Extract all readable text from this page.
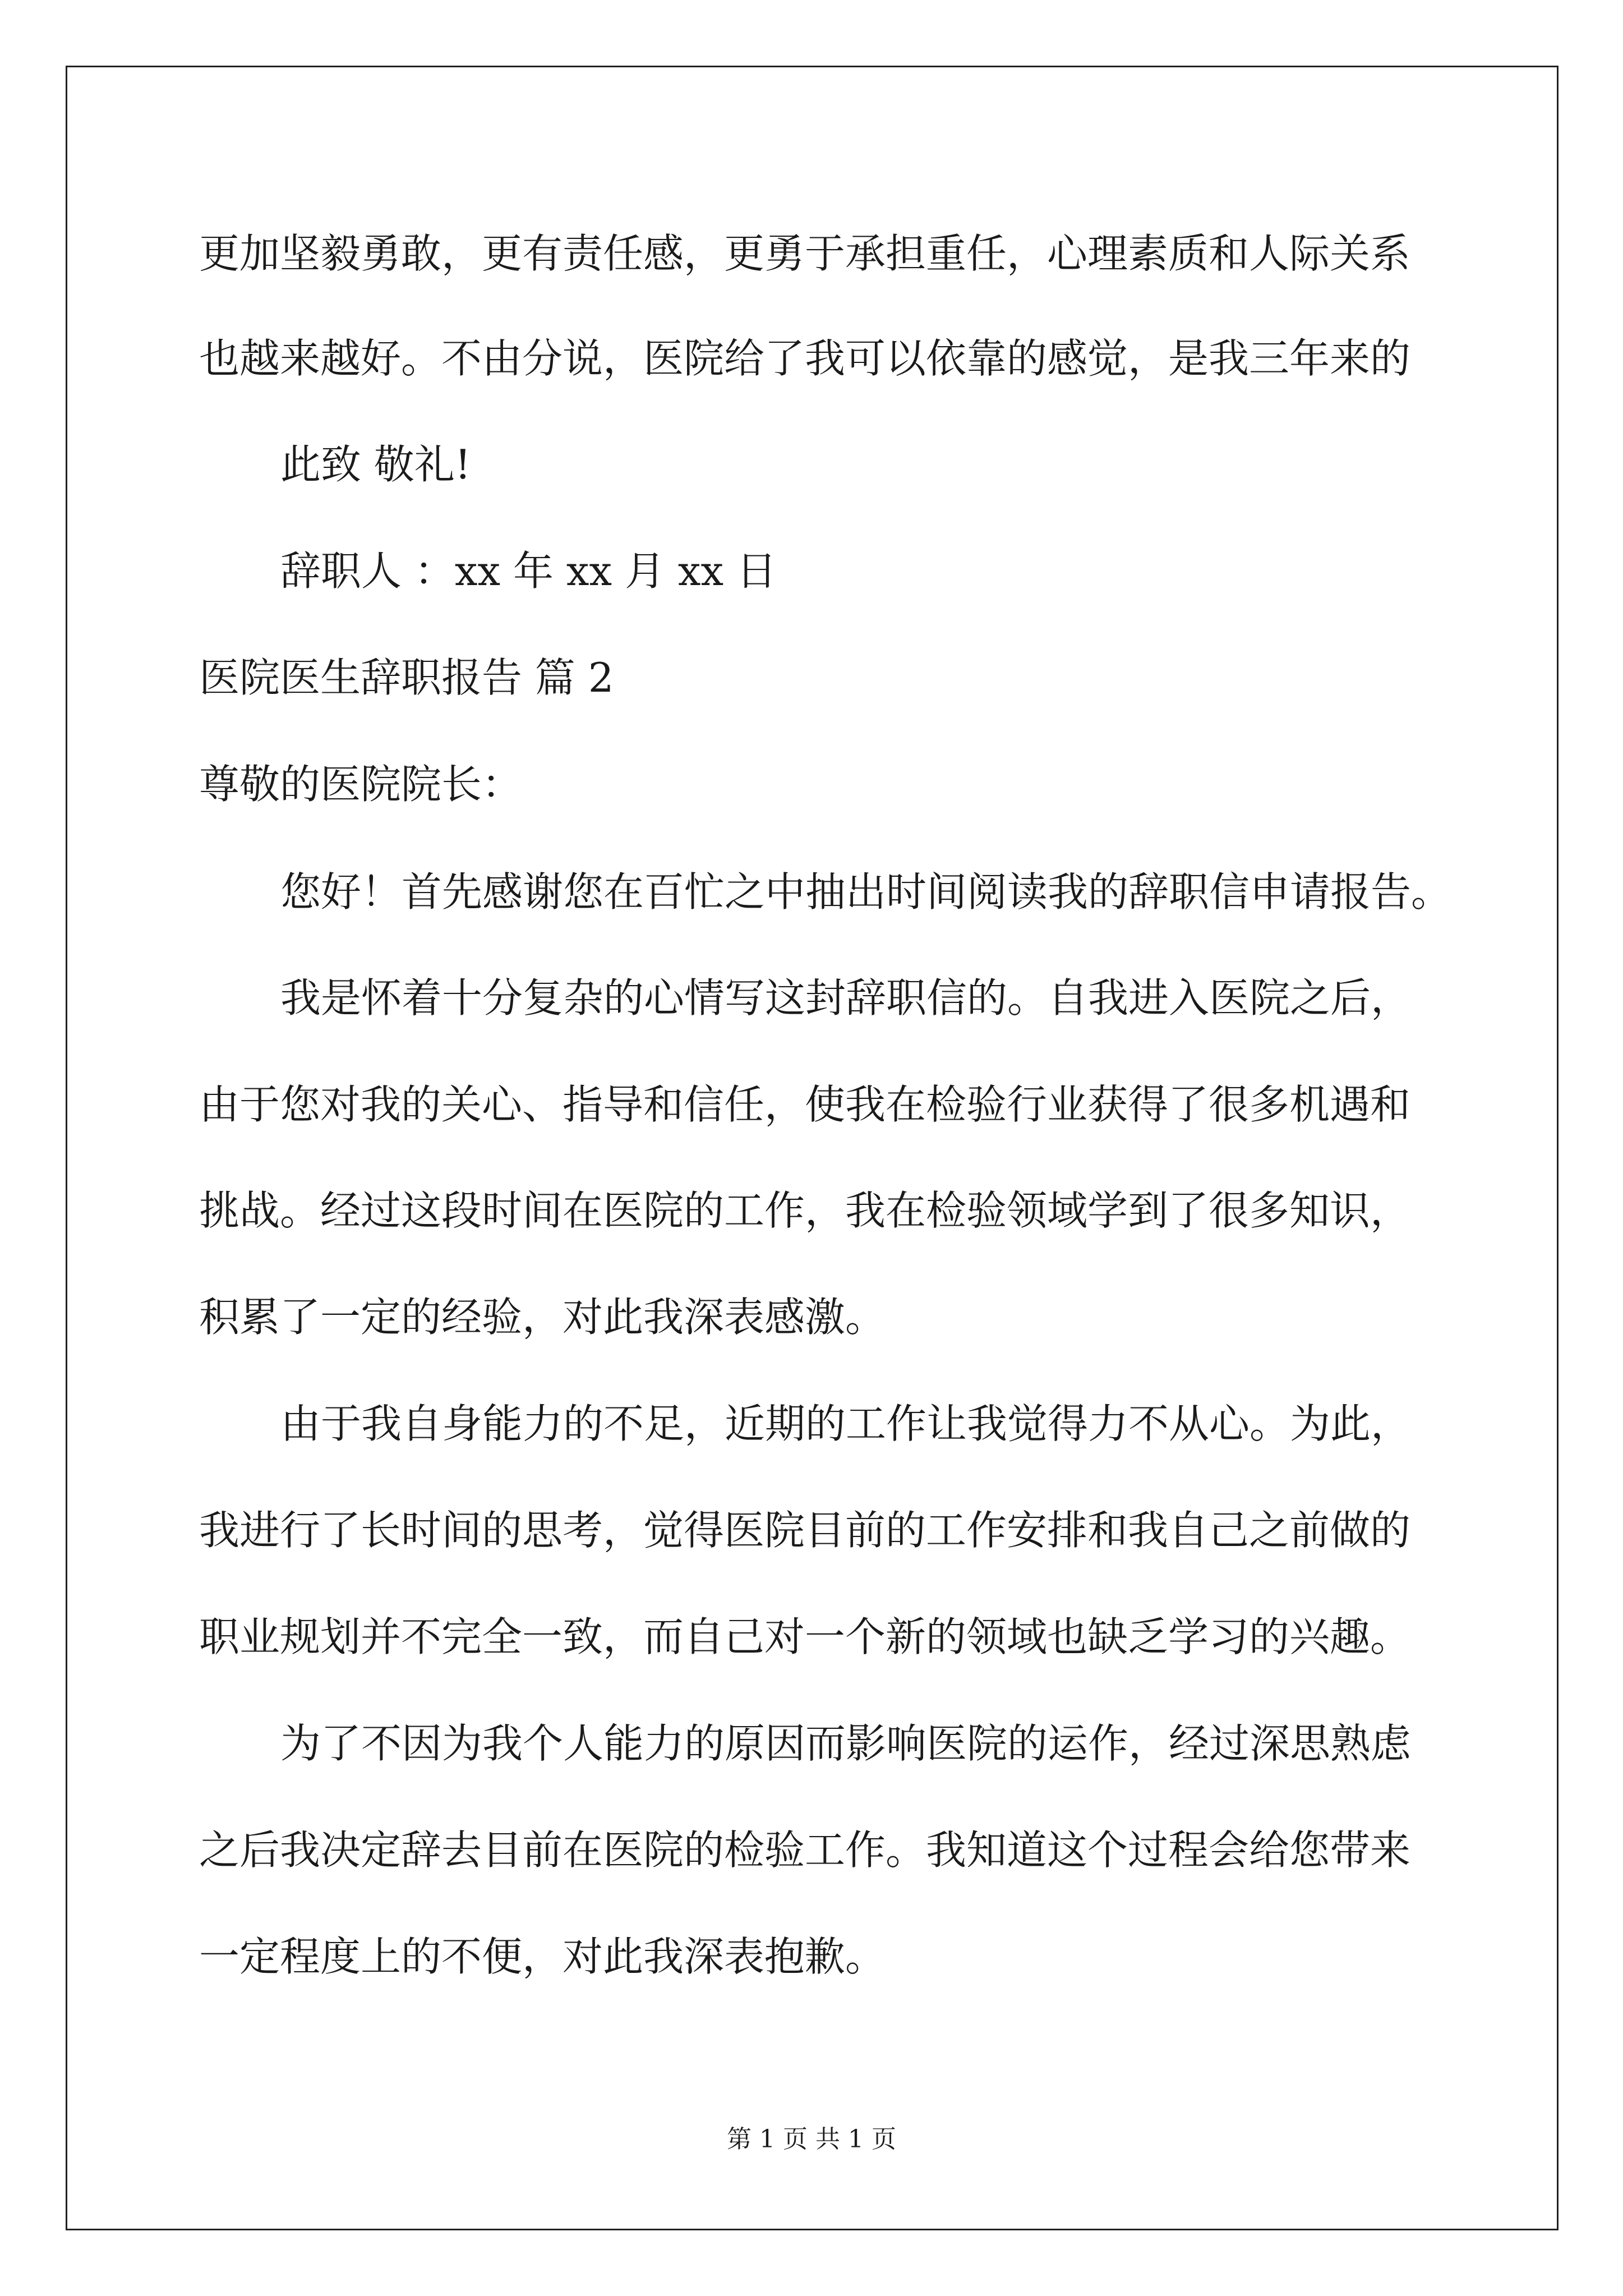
更加坚毅勇敢，更有责任感，更勇于承担重任，心理素质和人际关系

也越来越好。不由分说，医院给了我可以依靠的感觉，是我三年来的

此致 敬礼!

辞职人 ：xx 年 xx 月 xx 日

医院医生辞职报告 篇 2

尊敬的医院院长：

您好！首先感谢您在百忙之中抽出时间阅读我的辞职信申请报告。

我是怀着十分复杂的心情写这封辞职信的。自我进入医院之后，

由于您对我的关心、指导和信任，使我在检验行业获得了很多机遇和

挑战。经过这段时间在医院的工作，我在检验领域学到了很多知识，

积累了一定的经验，对此我深表感激。

由于我自身能力的不足，近期的工作让我觉得力不从心。为此，

我进行了长时间的思考，觉得医院目前的工作安排和我自己之前做的

职业规划并不完全一致，而自己对一个新的领域也缺乏学习的兴趣。

为了不因为我个人能力的原因而影响医院的运作，经过深思熟虑

之后我决定辞去目前在医院的检验工作。我知道这个过程会给您带来

一定程度上的不便，对此我深表抱歉。

第 1 页 共 1 页
